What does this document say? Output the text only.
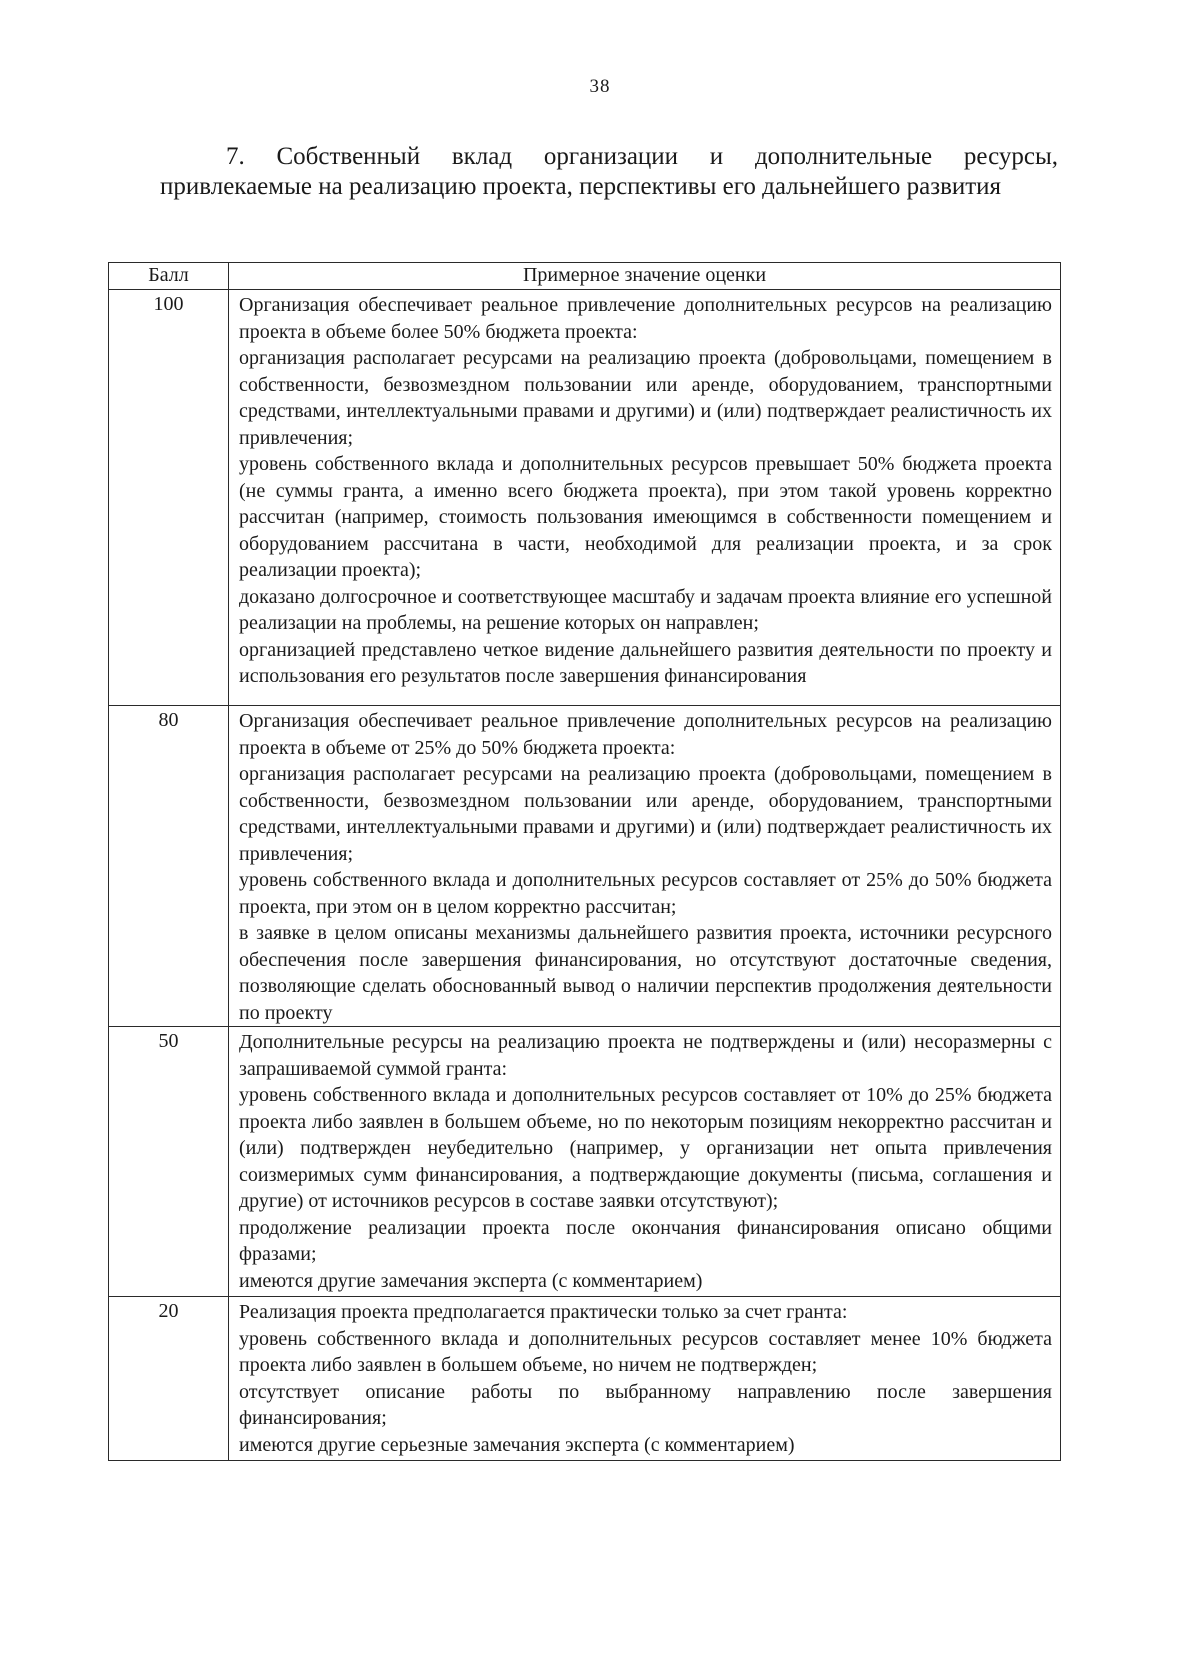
38
7. Собственный вклад организации и дополнительные ресурсы, привлекаемые на реализацию проекта, перспективы его дальнейшего развития
Балл	Примерное значение оценки
100	Организация обеспечивает реальное привлечение дополнительных ресурсов на реализацию проекта в объеме более 50% бюджета проекта:
организация располагает ресурсами на реализацию проекта (добровольцами, помещением в собственности, безвозмездном пользовании или аренде, оборудованием, транспортными средствами, интеллектуальными правами и другими) и (или) подтверждает реалистичность их привлечения;
уровень собственного вклада и дополнительных ресурсов превышает 50% бюджета проекта (не суммы гранта, а именно всего бюджета проекта), при этом такой уровень корректно рассчитан (например, стоимость пользования имеющимся в собственности помещением и оборудованием рассчитана в части, необходимой для реализации проекта, и за срок реализации проекта);
доказано долгосрочное и соответствующее масштабу и задачам проекта влияние его успешной реализации на проблемы, на решение которых он направлен;
организацией представлено четкое видение дальнейшего развития деятельности по проекту и использования его результатов после завершения финансирования

80	Организация обеспечивает реальное привлечение дополнительных ресурсов на реализацию проекта в объеме от 25% до 50% бюджета проекта:
организация располагает ресурсами на реализацию проекта (добровольцами, помещением в собственности, безвозмездном пользовании или аренде, оборудованием, транспортными средствами, интеллектуальными правами и другими) и (или) подтверждает реалистичность их привлечения;
уровень собственного вклада и дополнительных ресурсов составляет от 25% до 50% бюджета проекта, при этом он в целом корректно рассчитан;
в заявке в целом описаны механизмы дальнейшего развития проекта, источники ресурсного обеспечения после завершения финансирования, но отсутствуют достаточные сведения, позволяющие сделать обоснованный вывод о наличии перспектив продолжения деятельности по проекту

50	Дополнительные ресурсы на реализацию проекта не подтверждены и (или) несоразмерны с запрашиваемой суммой гранта:
уровень собственного вклада и дополнительных ресурсов составляет от 10% до 25% бюджета проекта либо заявлен в большем объеме, но по некоторым позициям некорректно рассчитан и (или) подтвержден неубедительно (например, у организации нет опыта привлечения соизмеримых сумм финансирования, а подтверждающие документы (письма, соглашения и другие) от источников ресурсов в составе заявки отсутствуют);
продолжение реализации проекта после окончания финансирования описано общими фразами;
имеются другие замечания эксперта (с комментарием)

20	Реализация проекта предполагается практически только за счет гранта:
уровень собственного вклада и дополнительных ресурсов составляет менее 10% бюджета проекта либо заявлен в большем объеме, но ничем не подтвержден;
отсутствует описание работы по выбранному направлению после завершения финансирования;
имеются другие серьезные замечания эксперта (с комментарием)
